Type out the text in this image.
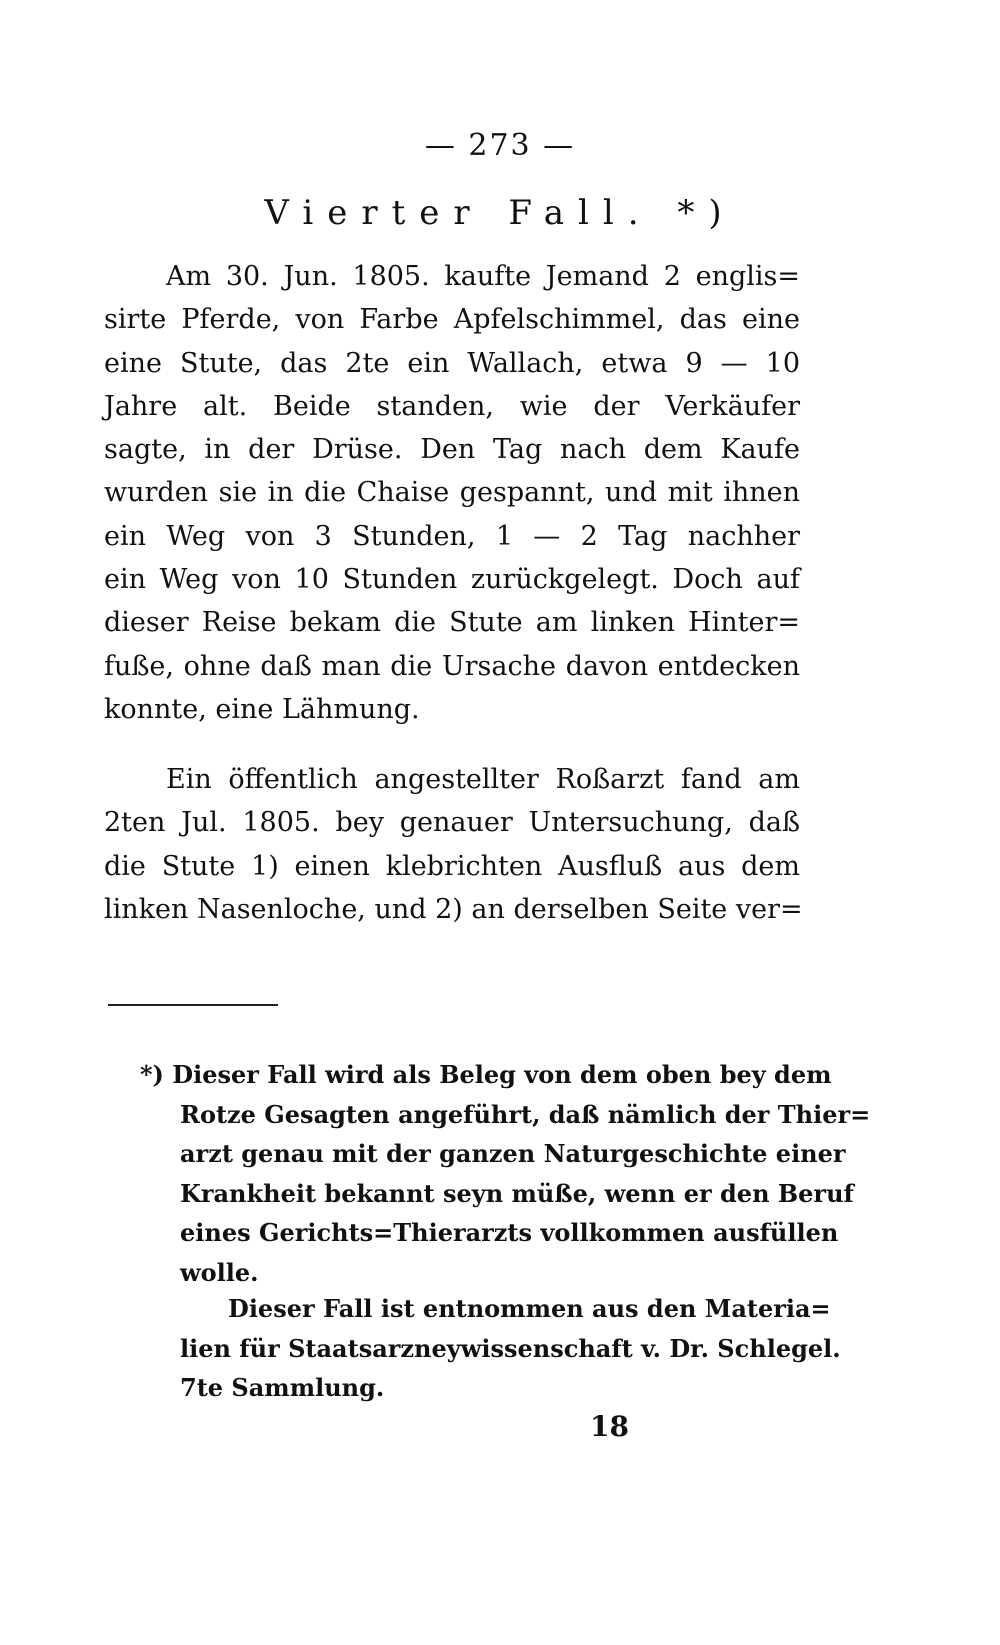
— 273 —
Vierter Fall. *)
Am 30. Jun. 1805. kaufte Jemand 2 englis=
sirte Pferde, von Farbe Apfelschimmel, das eine
eine Stute, das 2te ein Wallach, etwa 9 — 10
Jahre alt. Beide standen, wie der Verkäufer
sagte, in der Drüse. Den Tag nach dem Kaufe
wurden sie in die Chaise gespannt, und mit ihnen
ein Weg von 3 Stunden, 1 — 2 Tag nachher
ein Weg von 10 Stunden zurückgelegt. Doch auf
dieser Reise bekam die Stute am linken Hinter=
fuße, ohne daß man die Ursache davon entdecken
konnte, eine Lähmung.
Ein öffentlich angestellter Roßarzt fand am
2ten Jul. 1805. bey genauer Untersuchung, daß
die Stute 1) einen klebrichten Ausfluß aus dem
linken Nasenloche, und 2) an derselben Seite ver=
*) Dieser Fall wird als Beleg von dem oben bey dem
Rotze Gesagten angeführt, daß nämlich der Thier=
arzt genau mit der ganzen Naturgeschichte einer
Krankheit bekannt seyn müße, wenn er den Beruf
eines Gerichts=Thierarzts vollkommen ausfüllen
wolle.
Dieser Fall ist entnommen aus den Materia=
lien für Staatsarzneywissenschaft v. Dr. Schlegel.
7te Sammlung.
18
